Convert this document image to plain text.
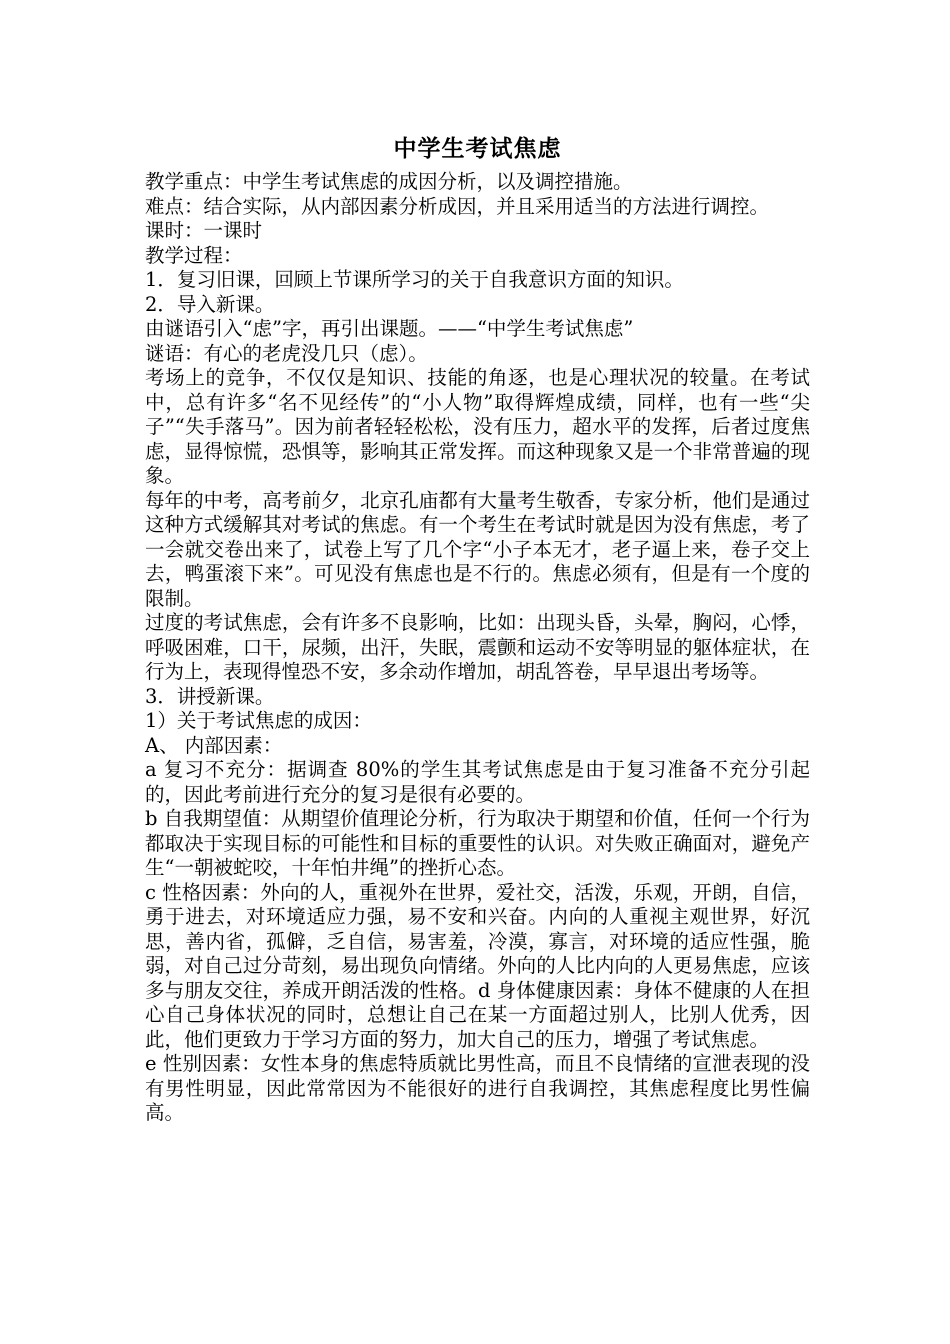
中学生考试焦虑

教学重点：中学生考试焦虑的成因分析，以及调控措施。

难点：结合实际，从内部因素分析成因，并且采用适当的方法进行调控。

课时：一课时

教学过程：

1．复习旧课，回顾上节课所学习的关于自我意识方面的知识。

2．导入新课。

由谜语引入“虑”字，再引出课题。——“中学生考试焦虑”

谜语：有心的老虎没几只（虑）。

考场上的竞争，不仅仅是知识、技能的角逐，也是心理状况的较量。在考试中，总有许多“名不见经传”的“小人物”取得辉煌成绩，同样，也有一些“尖子”“失手落马”。因为前者轻轻松松，没有压力，超水平的发挥，后者过度焦虑，显得惊慌，恐惧等，影响其正常发挥。而这种现象又是一个非常普遍的现象。

每年的中考，高考前夕，北京孔庙都有大量考生敬香，专家分析，他们是通过这种方式缓解其对考试的焦虑。有一个考生在考试时就是因为没有焦虑，考了一会就交卷出来了，试卷上写了几个字“小子本无才，老子逼上来，卷子交上去，鸭蛋滚下来”。可见没有焦虑也是不行的。焦虑必须有，但是有一个度的限制。

过度的考试焦虑，会有许多不良影响，比如：出现头昏，头晕，胸闷，心悸，呼吸困难，口干，尿频，出汗，失眠，震颤和运动不安等明显的躯体症状，在行为上，表现得惶恐不安，多余动作增加，胡乱答卷，早早退出考场等。

3．讲授新课。

1）关于考试焦虑的成因：

A、 内部因素：

a 复习不充分：据调查 80%的学生其考试焦虑是由于复习准备不充分引起的，因此考前进行充分的复习是很有必要的。

b 自我期望值：从期望价值理论分析，行为取决于期望和价值，任何一个行为都取决于实现目标的可能性和目标的重要性的认识。对失败正确面对，避免产生“一朝被蛇咬，十年怕井绳”的挫折心态。

c 性格因素：外向的人，重视外在世界，爱社交，活泼，乐观，开朗，自信，勇于进去，对环境适应力强，易不安和兴奋。内向的人重视主观世界，好沉思，善内省，孤僻，乏自信，易害羞，冷漠，寡言，对环境的适应性强，脆弱，对自己过分苛刻，易出现负向情绪。外向的人比内向的人更易焦虑，应该多与朋友交往，养成开朗活泼的性格。d 身体健康因素：身体不健康的人在担心自己身体状况的同时，总想让自己在某一方面超过别人，比别人优秀，因此，他们更致力于学习方面的努力，加大自己的压力，增强了考试焦虑。

e 性别因素：女性本身的焦虑特质就比男性高，而且不良情绪的宣泄表现的没有男性明显，因此常常因为不能很好的进行自我调控，其焦虑程度比男性偏高。
